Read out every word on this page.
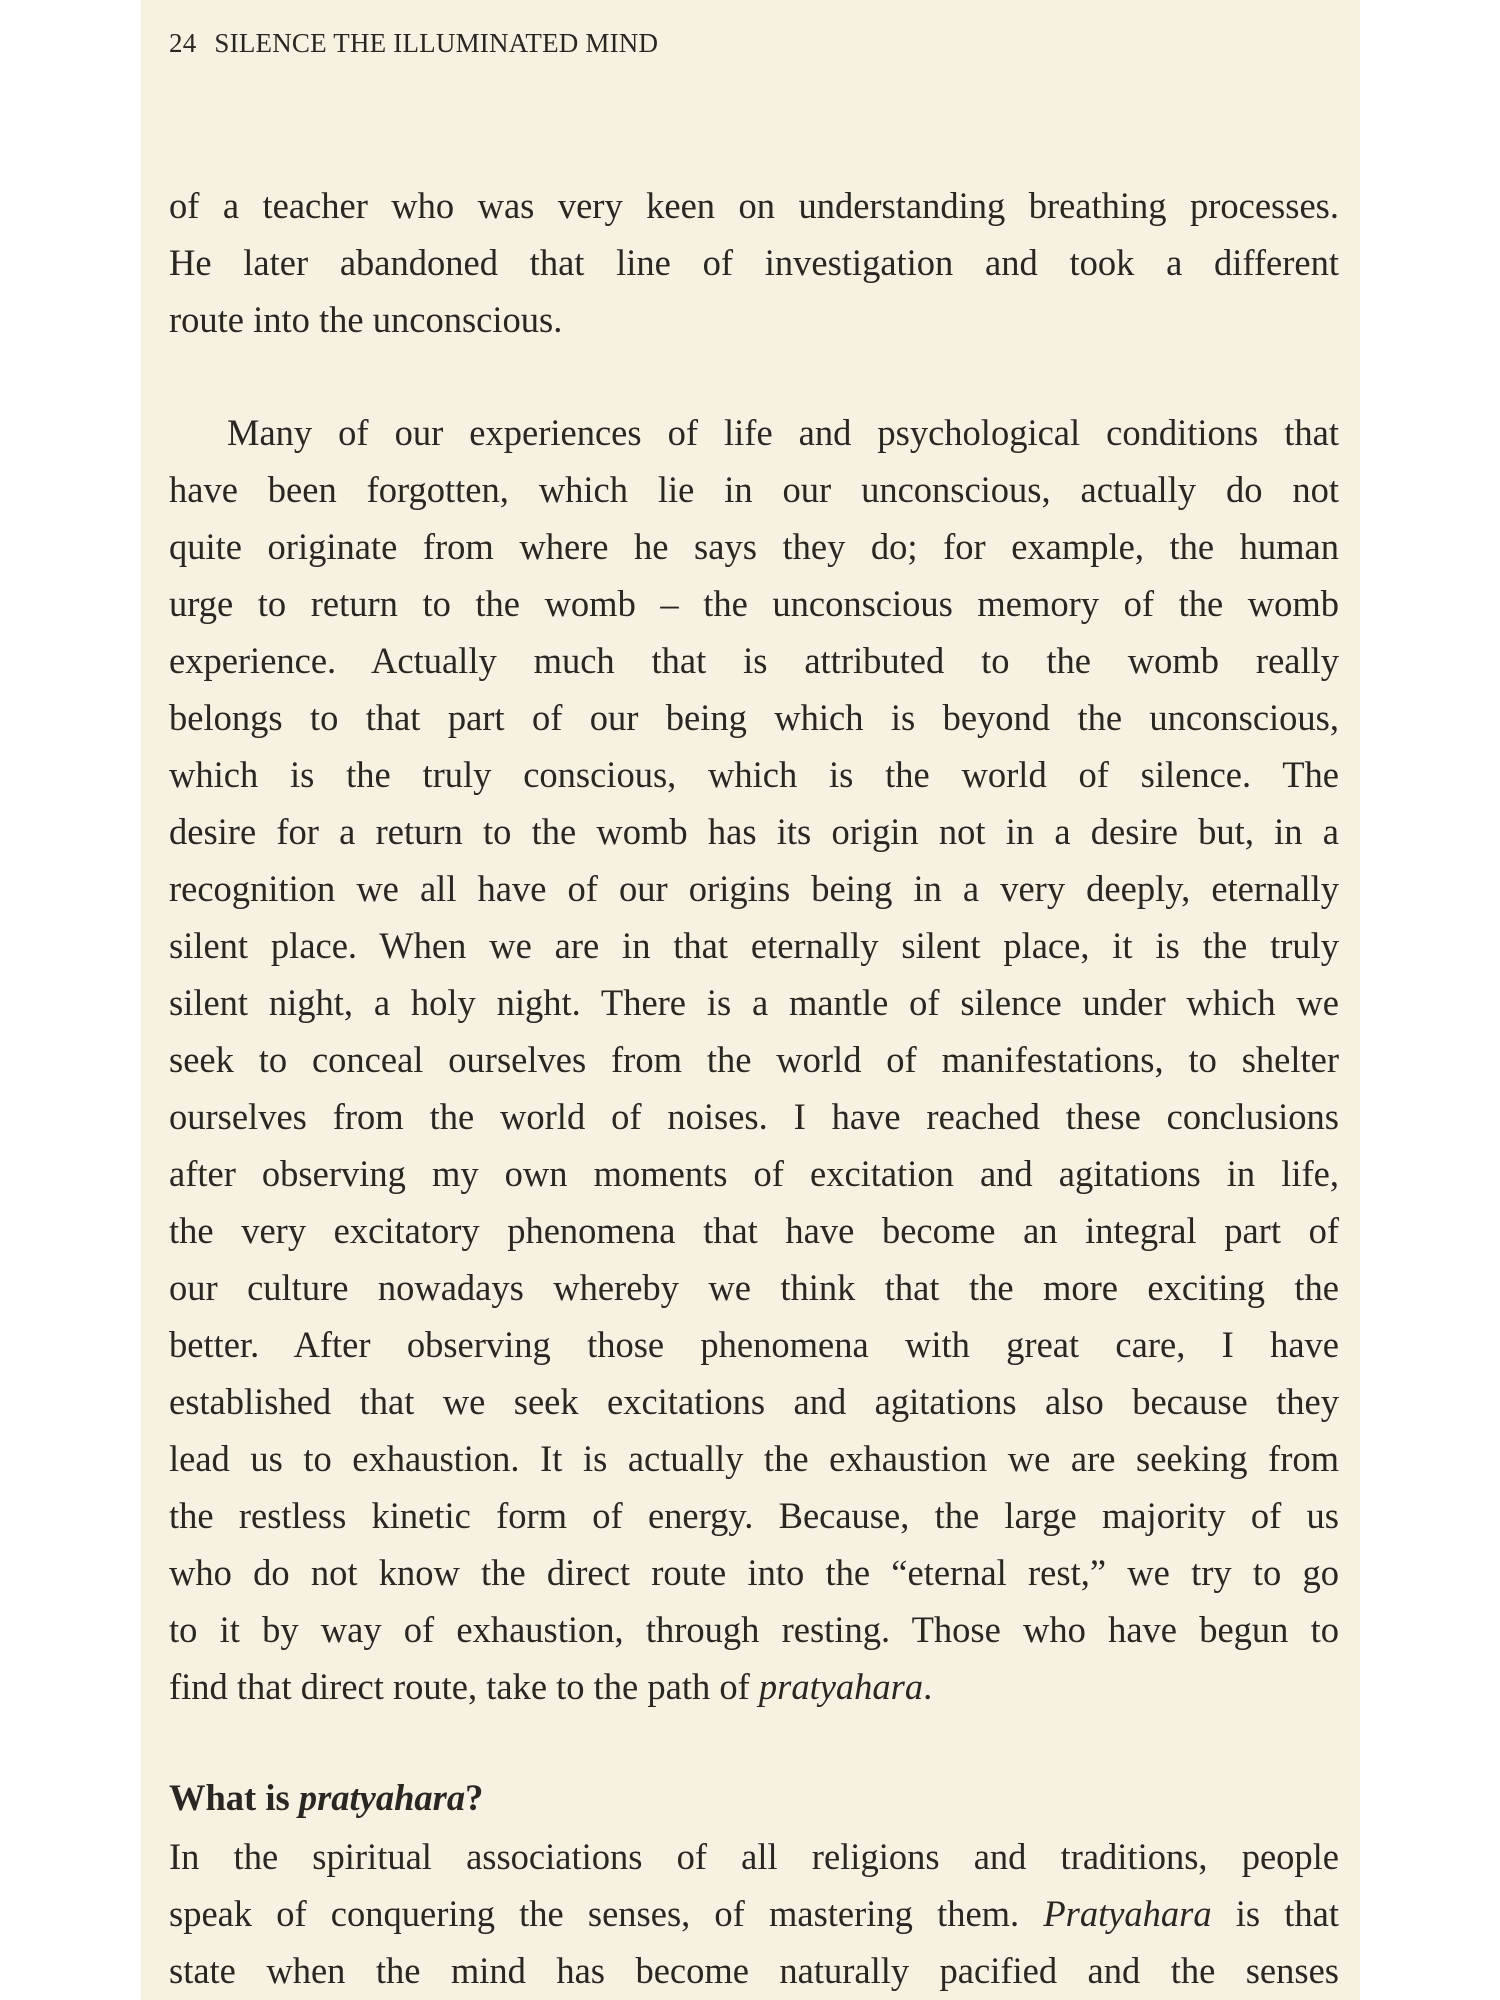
24 SILENCE THE ILLUMINATED MIND
of a teacher who was very keen on understanding breathing processes.
He later abandoned that line of investigation and took a different
route into the unconscious.
Many of our experiences of life and psychological conditions that
have been forgotten, which lie in our unconscious, actually do not
quite originate from where he says they do; for example, the human
urge to return to the womb – the unconscious memory of the womb
experience. Actually much that is attributed to the womb really
belongs to that part of our being which is beyond the unconscious,
which is the truly conscious, which is the world of silence. The
desire for a return to the womb has its origin not in a desire but, in a
recognition we all have of our origins being in a very deeply, eternally
silent place. When we are in that eternally silent place, it is the truly
silent night, a holy night. There is a mantle of silence under which we
seek to conceal ourselves from the world of manifestations, to shelter
ourselves from the world of noises. I have reached these conclusions
after observing my own moments of excitation and agitations in life,
the very excitatory phenomena that have become an integral part of
our culture nowadays whereby we think that the more exciting the
better. After observing those phenomena with great care, I have
established that we seek excitations and agitations also because they
lead us to exhaustion. It is actually the exhaustion we are seeking from
the restless kinetic form of energy. Because, the large majority of us
who do not know the direct route into the “eternal rest,” we try to go
to it by way of exhaustion, through resting. Those who have begun to
find that direct route, take to the path of pratyahara.
What is pratyahara?
In the spiritual associations of all religions and traditions, people
speak of conquering the senses, of mastering them. Pratyahara is that
state when the mind has become naturally pacified and the senses
